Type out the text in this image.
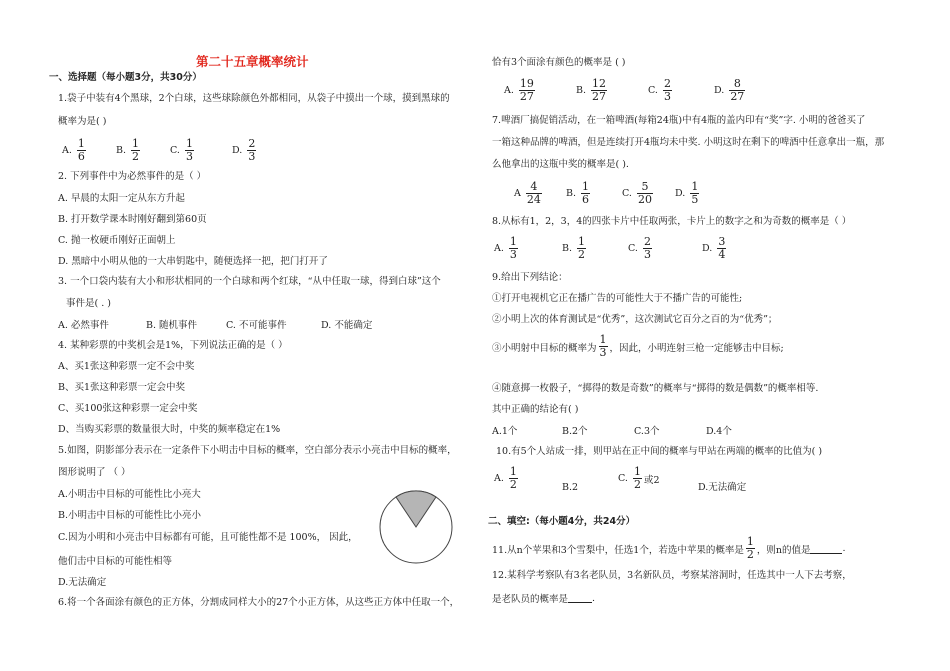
第二十五章概率统计
一、选择题（每小题3分，共30分）
1.袋子中装有4个黑球，2个白球，这些球除颜色外都相同，从袋子中摸出一个球，摸到黑球的
概率为是( )
A. $\frac{1}{6}$	B. $\frac{1}{2}$	C. $\frac{1}{3}$	D. $\frac{2}{3}$
2. 下列事件中为必然事件的是（ ）
A. 早晨的太阳一定从东方升起
B. 打开数学课本时刚好翻到第60页
C. 抛一枚硬币刚好正面朝上
D. 黑暗中小明从他的一大串钥匙中，随便选择一把，把门打开了
3. 一个口袋内装有大小和形状相同的一个白球和两个红球，“从中任取一球，得到白球”这个
事件是( . )
A. 必然事件	B. 随机事件	C. 不可能事件	D. 不能确定
4. 某种彩票的中奖机会是1%，下列说法正确的是（ ）
A、买1张这种彩票一定不会中奖
B、买1张这种彩票一定会中奖
C、买100张这种彩票一定会中奖
D、当购买彩票的数量很大时，中奖的频率稳定在1%
5.如图，阴影部分表示在一定条件下小明击中目标的概率，空白部分表示小亮击中目标的概率，
图形说明了 （ ）
A.小明击中目标的可能性比小亮大
B.小明击中目标的可能性比小亮小
C.因为小明和小亮击中目标都有可能，且可能性都不是 100%， 因此，
他们击中目标的可能性相等
D.无法确定
6.将一个各面涂有颜色的正方体，分割成同样大小的27个小正方体，从这些正方体中任取一个，
恰有3个面涂有颜色的概率是 ( )
A. $\frac{19}{27}$	B. $\frac{12}{27}$	C. $\frac{2}{3}$	D. $\frac{8}{27}$
7.啤酒厂搞促销活动，在一箱啤酒(每箱24瓶)中有4瓶的盖内印有“奖”字. 小明的爸爸买了
一箱这种品牌的啤酒，但是连续打开4瓶均未中奖. 小明这时在剩下的啤酒中任意拿出一瓶，那
么他拿出的这瓶中奖的概率是( ).
A $\frac{4}{24}$	B. $\frac{1}{6}$	C. $\frac{5}{20} D$. $\frac{1}{5}$
8.从标有1，2，3，4的四张卡片中任取两张，卡片上的数字之和为奇数的概率是（ ）
A. $\frac{1}{3}$	B. $\frac{1}{2}$	C. $\frac{2}{3}$	D. $\frac{3}{4}$
9.给出下列结论：
①打开电视机它正在播广告的可能性大于不播广告的可能性;
②小明上次的体育测试是“优秀”，这次测试它百分之百的为“优秀”；
③小明射中目标的概率为 $\frac{1}{3}$ ，因此，小明连射三枪一定能够击中目标;
④随意掷一枚骰子，“掷得的数是奇数”的概率与“掷得的数是偶数”的概率相等.
其中正确的结论有( )
A.1个	B.2个	C.3个	D.4个
10.有5个人站成一排，则甲站在正中间的概率与甲站在两端的概率的比值为( )
A. $\frac{1}{2}$	B.2
C. $\frac{1}{2}$ 或2
D.无法确定
二、填空:（每小题4分，共24分）
11.从n个苹果和3个雪梨中，任选1个，若选中苹果的概率是 $\frac{1}{2}$ ，则n的值是	.
12.某科学考察队有3名老队员，3名新队员，考察某溶洞时，任选其中一人下去考察，
是老队员的概率是	.
